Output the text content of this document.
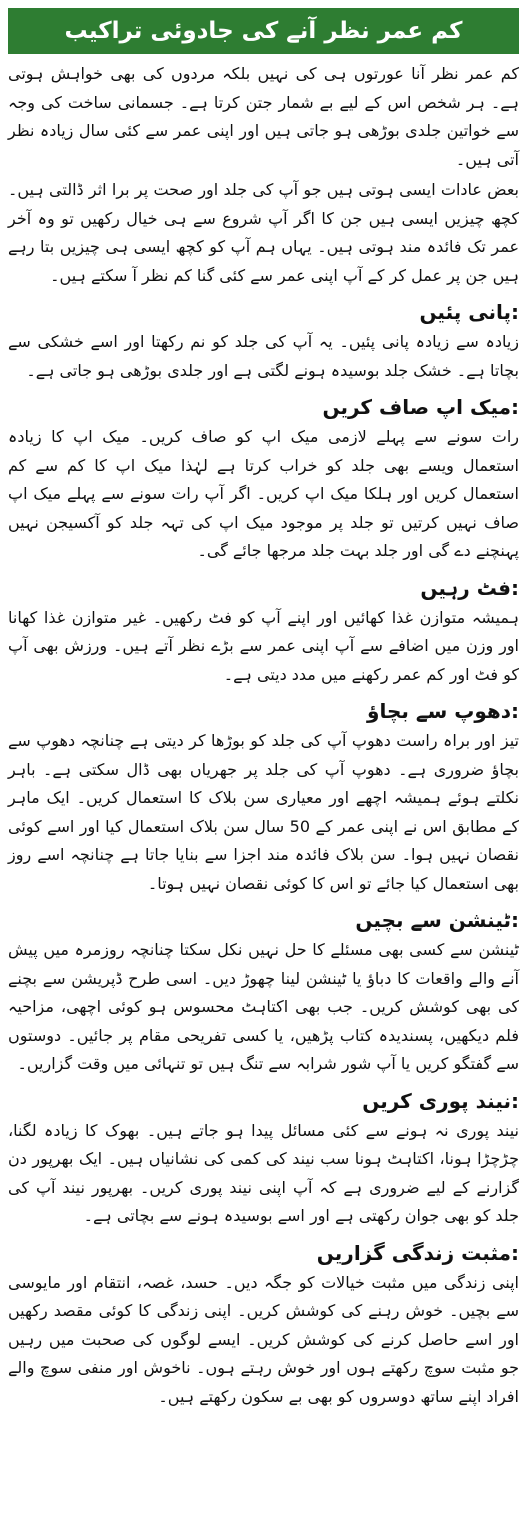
کم عمر نظر آنے کی جادوئی تراکیب

کم عمر نظر آنا عورتوں ہی کی نہیں بلکہ مردوں کی بھی خواہش ہوتی ہے۔ ہر شخص اس کے لیے بے شمار جتن کرتا ہے۔ جسمانی ساخت کی وجہ سے خواتین جلدی بوڑھی ہو جاتی ہیں اور اپنی عمر سے کئی سال زیادہ نظر آتی ہیں۔

بعض عادات ایسی ہوتی ہیں جو آپ کی جلد اور صحت پر برا اثر ڈالتی ہیں۔ کچھ چیزیں ایسی ہیں جن کا اگر آپ شروع سے ہی خیال رکھیں تو وہ آخر عمر تک فائدہ مند ہوتی ہیں۔ یہاں ہم آپ کو کچھ ایسی ہی چیزیں بتا رہے ہیں جن پر عمل کر کے آپ اپنی عمر سے کئی گنا کم نظر آ سکتے ہیں۔

:پانی پئیں

زیادہ سے زیادہ پانی پئیں۔ یہ آپ کی جلد کو نم رکھتا اور اسے خشکی سے بچاتا ہے۔ خشک جلد بوسیدہ ہونے لگتی ہے اور جلدی بوڑھی ہو جاتی ہے۔

:میک اپ صاف کریں

رات سونے سے پہلے لازمی میک اپ کو صاف کریں۔ میک اپ کا زیادہ استعمال ویسے بھی جلد کو خراب کرتا ہے لہٰذا میک اپ کا کم سے کم استعمال کریں اور ہلکا میک اپ کریں۔ اگر آپ رات سونے سے پہلے میک اپ صاف نہیں کرتیں تو جلد پر موجود میک اپ کی تہہ جلد کو آکسیجن نہیں پہنچنے دے گی اور جلد بہت جلد مرجھا جائے گی۔

:فٹ رہیں

ہمیشہ متوازن غذا کھائیں اور اپنے آپ کو فٹ رکھیں۔ غیر متوازن غذا کھانا اور وزن میں اضافے سے آپ اپنی عمر سے بڑے نظر آتے ہیں۔ ورزش بھی آپ کو فٹ اور کم عمر رکھنے میں مدد دیتی ہے۔

:دھوپ سے بچاؤ

تیز اور براہ راست دھوپ آپ کی جلد کو بوڑھا کر دیتی ہے چنانچہ دھوپ سے بچاؤ ضروری ہے۔ دھوپ آپ کی جلد پر جھریاں بھی ڈال سکتی ہے۔ باہر نکلتے ہوئے ہمیشہ اچھے اور معیاری سن بلاک کا استعمال کریں۔ ایک ماہر کے مطابق اس نے اپنی عمر کے 50 سال سن بلاک استعمال کیا اور اسے کوئی نقصان نہیں ہوا۔ سن بلاک فائدہ مند اجزا سے بنایا جاتا ہے چنانچہ اسے روز بھی استعمال کیا جائے تو اس کا کوئی نقصان نہیں ہوتا۔

:ٹینشن سے بچیں

ٹینشن سے کسی بھی مسئلے کا حل نہیں نکل سکتا چنانچہ روزمرہ میں پیش آنے والے واقعات کا دباؤ یا ٹینشن لینا چھوڑ دیں۔ اسی طرح ڈپریشن سے بچنے کی بھی کوشش کریں۔ جب بھی اکتاہٹ محسوس ہو کوئی اچھی، مزاحیہ فلم دیکھیں، پسندیدہ کتاب پڑھیں، یا کسی تفریحی مقام پر جائیں۔ دوستوں سے گفتگو کریں یا آپ شور شرابہ سے تنگ ہیں تو تنہائی میں وقت گزاریں۔

:نیند پوری کریں

نیند پوری نہ ہونے سے کئی مسائل پیدا ہو جاتے ہیں۔ بھوک کا زیادہ لگنا، چڑچڑا ہونا، اکتاہٹ ہونا سب نیند کی کمی کی نشانیاں ہیں۔ ایک بھرپور دن گزارنے کے لیے ضروری ہے کہ آپ اپنی نیند پوری کریں۔ بھرپور نیند آپ کی جلد کو بھی جوان رکھتی ہے اور اسے بوسیدہ ہونے سے بچاتی ہے۔

:مثبت زندگی گزاریں

اپنی زندگی میں مثبت خیالات کو جگہ دیں۔ حسد، غصہ، انتقام اور مایوسی سے بچیں۔ خوش رہنے کی کوشش کریں۔ اپنی زندگی کا کوئی مقصد رکھیں اور اسے حاصل کرنے کی کوشش کریں۔ ایسے لوگوں کی صحبت میں رہیں جو مثبت سوچ رکھتے ہوں اور خوش رہتے ہوں۔ ناخوش اور منفی سوچ والے افراد اپنے ساتھ دوسروں کو بھی بے سکون رکھتے ہیں۔
